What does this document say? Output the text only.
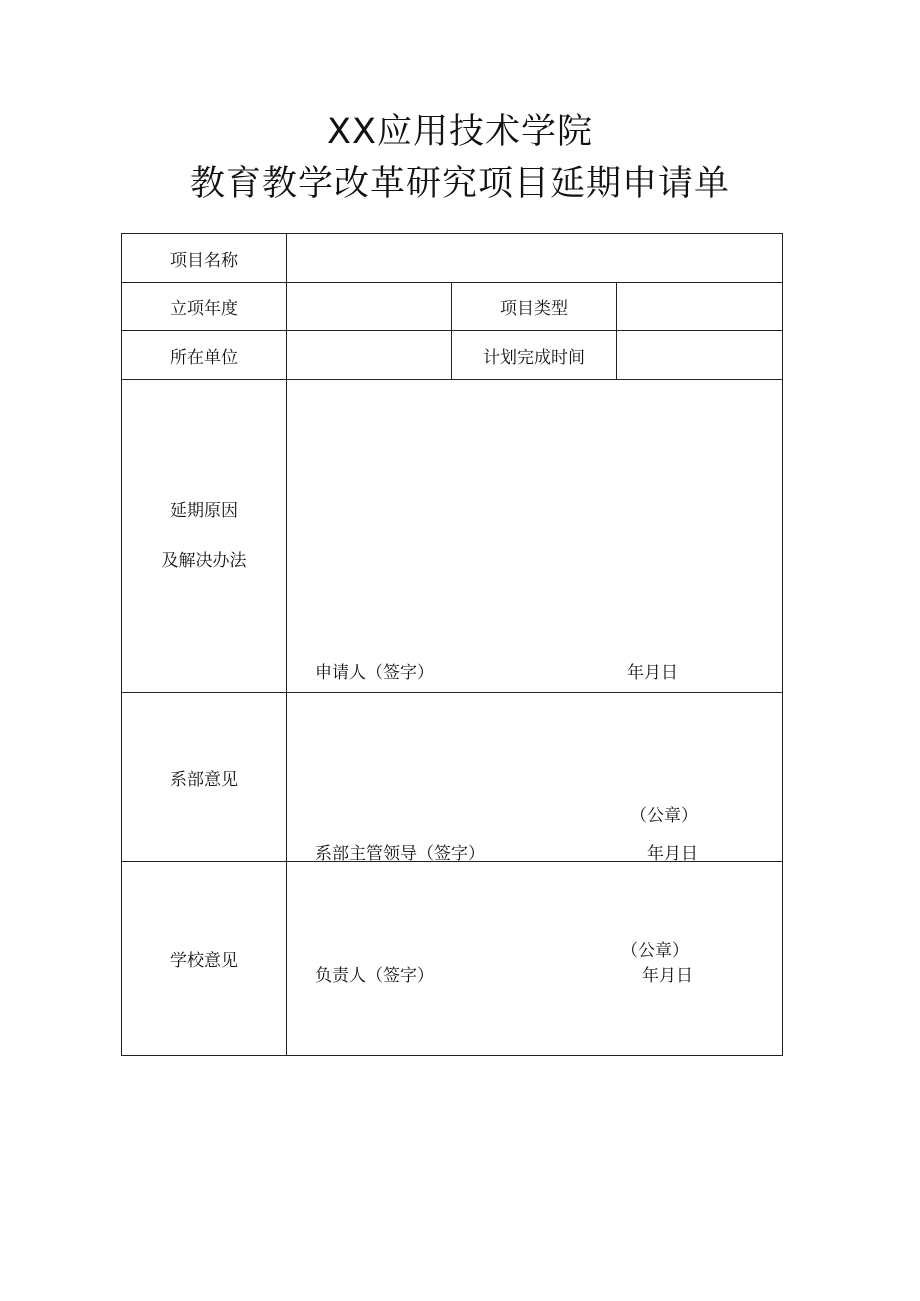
XX应用技术学院
教育教学改革研究项目延期申请单
项目名称			

立项年度		项目类型	

所在单位		计划完成时间	

延期原因
及解决办法	申请人（签字） 年月日		

系部意见	（公章）
系部主管领导（签字） 年月日		

学校意见	（公章）
负责人（签字） 年月日		
